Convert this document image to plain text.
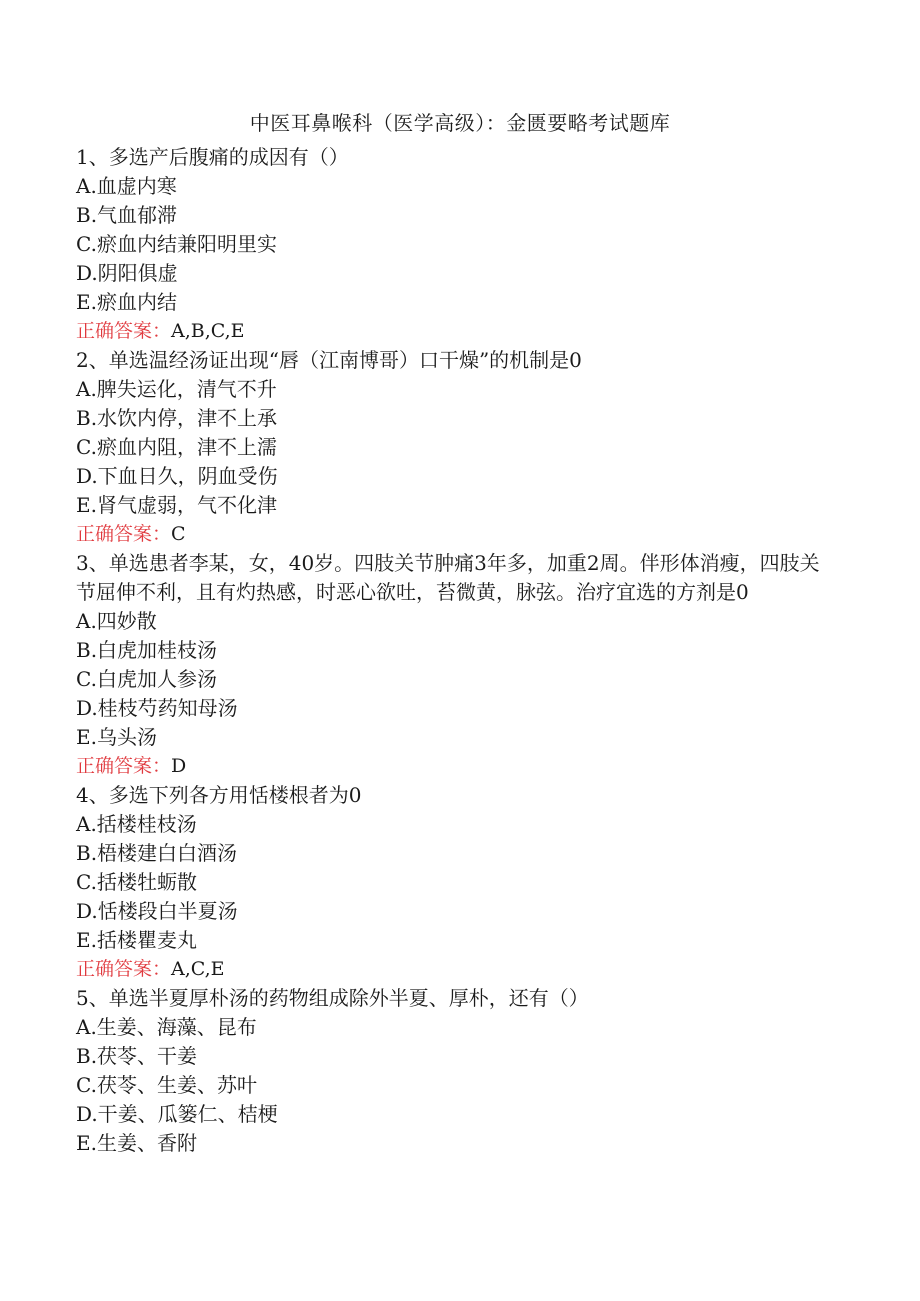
中医耳鼻喉科（医学高级）：金匮要略考试题库
1、多选产后腹痛的成因有（）
A.血虚内寒
B.气血郁滞
C.瘀血内结兼阳明里实
D.阴阳俱虚
E.瘀血内结
正确答案：A,B,C,E
2、单选温经汤证出现“唇（江南博哥）口干燥”的机制是0
A.脾失运化，清气不升
B.水饮内停，津不上承
C.瘀血内阻，津不上濡
D.下血日久，阴血受伤
E.肾气虚弱，气不化津
正确答案：C
3、单选患者李某，女，40岁。四肢关节肿痛3年多，加重2周。伴形体消瘦，四肢关节屈伸不利，且有灼热感，时恶心欲吐，苔微黄，脉弦。治疗宜选的方剂是0
A.四妙散
B.白虎加桂枝汤
C.白虎加人参汤
D.桂枝芍药知母汤
E.乌头汤
正确答案：D
4、多选下列各方用恬楼根者为0
A.括楼桂枝汤
B.梧楼建白白酒汤
C.括楼牡蛎散
D.恬楼段白半夏汤
E.括楼瞿麦丸
正确答案：A,C,E
5、单选半夏厚朴汤的药物组成除外半夏、厚朴，还有（）
A.生姜、海藻、昆布
B.茯苓、干姜
C.茯苓、生姜、苏叶
D.干姜、瓜篓仁、桔梗
E.生姜、香附
